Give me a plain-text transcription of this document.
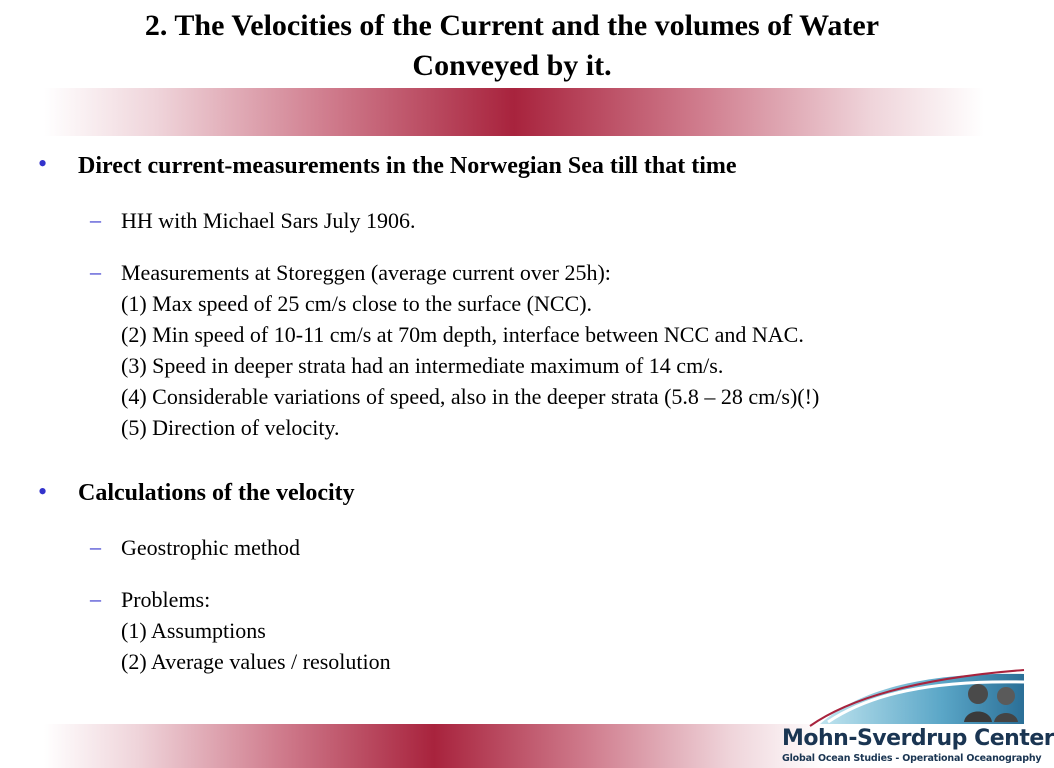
2. The Velocities of the Current and the volumes of Water
Conveyed by it.
• Direct current-measurements in the Norwegian Sea till that time
– HH with Michael Sars July 1906.
– Measurements at Storeggen (average current over 25h):
(1) Max speed of 25 cm/s close to the surface (NCC).
(2) Min speed of 10-11 cm/s at 70m depth, interface between NCC and NAC.
(3) Speed in deeper strata had an intermediate maximum of 14 cm/s.
(4) Considerable variations of speed, also in the deeper strata (5.8 – 28 cm/s)(!)
(5) Direction of velocity.
• Calculations of the velocity
– Geostrophic method
– Problems:
(1) Assumptions
(2) Average values / resolution
Mohn-Sverdrup Center
Global Ocean Studies - Operational Oceanography
